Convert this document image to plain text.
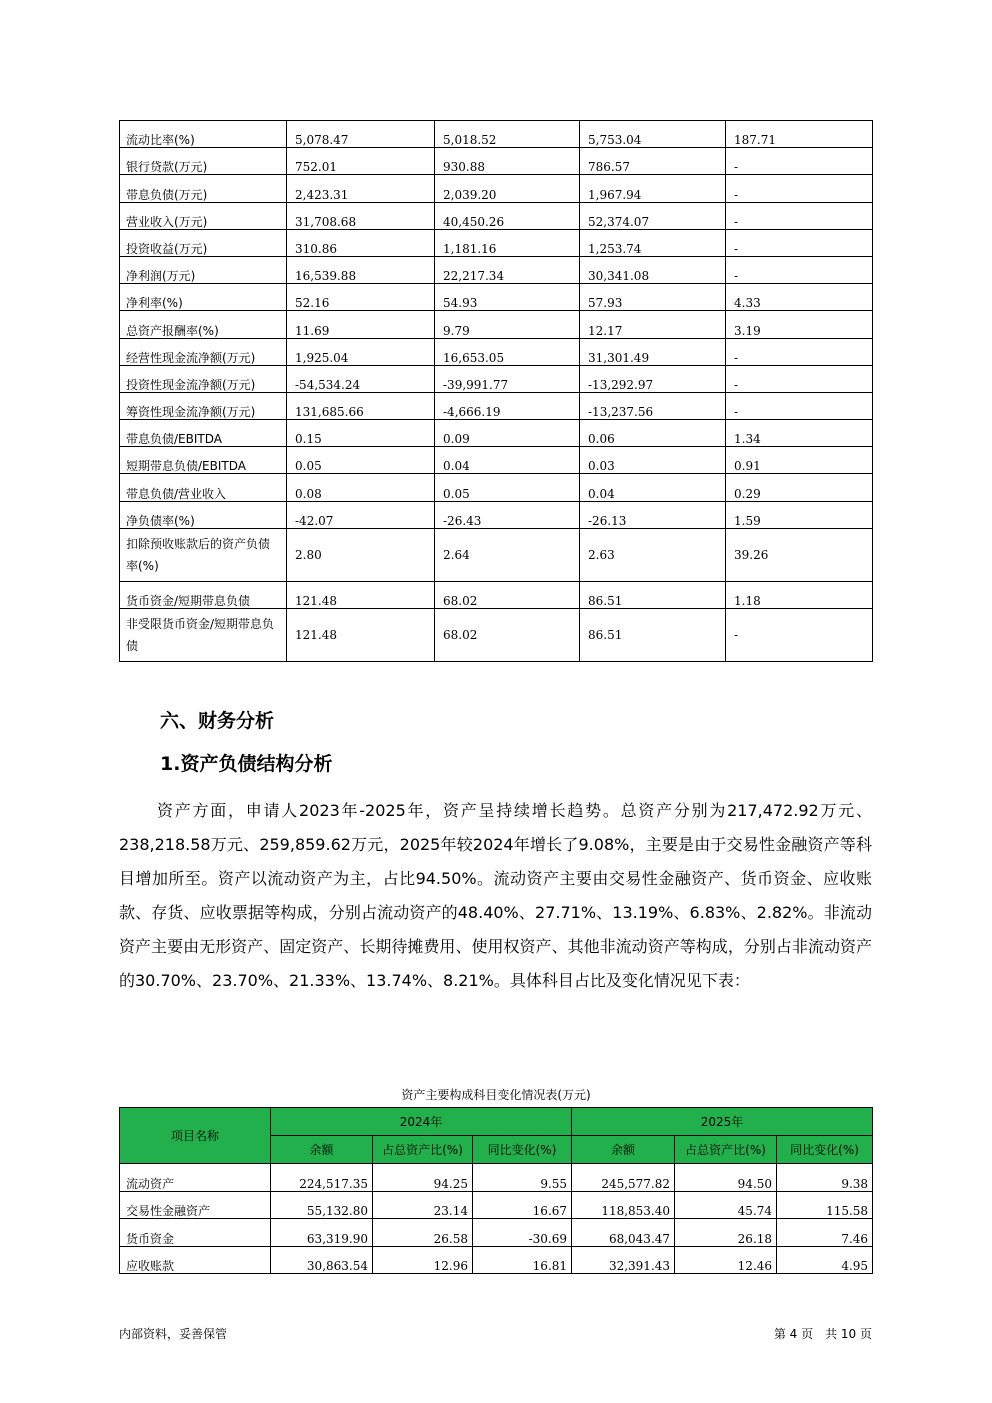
流动比率(%)	5,078.47	5,018.52	5,753.04	187.71
银行贷款(万元)	752.01	930.88	786.57	-
带息负债(万元)	2,423.31	2,039.20	1,967.94	-
营业收入(万元)	31,708.68	40,450.26	52,374.07	-
投资收益(万元)	310.86	1,181.16	1,253.74	-
净利润(万元)	16,539.88	22,217.34	30,341.08	-
净利率(%)	52.16	54.93	57.93	4.33
总资产报酬率(%)	11.69	9.79	12.17	3.19
经营性现金流净额(万元)	1,925.04	16,653.05	31,301.49	-
投资性现金流净额(万元)	-54,534.24	-39,991.77	-13,292.97	-
筹资性现金流净额(万元)	131,685.66	-4,666.19	-13,237.56	-
带息负债/EBITDA	0.15	0.09	0.06	1.34
短期带息负债/EBITDA	0.05	0.04	0.03	0.91
带息负债/营业收入	0.08	0.05	0.04	0.29
净负债率(%)	-42.07	-26.43	-26.13	1.59
扣除预收账款后的资产负债率(%)	2.80	2.64	2.63	39.26
货币资金/短期带息负债	121.48	68.02	86.51	1.18
非受限货币资金/短期带息负债	121.48	68.02	86.51	-
六、财务分析
1.资产负债结构分析
资产方面，申请人2023年-2025年，资产呈持续增长趋势。总资产分别为217,472.92万元、238,218.58万元、259,859.62万元，2025年较2024年增长了9.08%，主要是由于交易性金融资产等科目增加所至。资产以流动资产为主，占比94.50%。流动资产主要由交易性金融资产、货币资金、应收账款、存货、应收票据等构成，分别占流动资产的48.40%、27.71%、13.19%、6.83%、2.82%。非流动资产主要由无形资产、固定资产、长期待摊费用、使用权资产、其他非流动资产等构成，分别占非流动资产的30.70%、23.70%、21.33%、13.74%、8.21%。具体科目占比及变化情况见下表：
资产主要构成科目变化情况表(万元)
项目名称	2024年			2025年		
	余额	占总资产比(%)	同比变化(%)	余额	占总资产比(%)	同比变化(%)
流动资产	224,517.35	94.25	9.55	245,577.82	94.50	9.38
交易性金融资产	55,132.80	23.14	16.67	118,853.40	45.74	115.58
货币资金	63,319.90	26.58	-30.69	68,043.47	26.18	7.46
应收账款	30,863.54	12.96	16.81	32,391.43	12.46	4.95
内部资料，妥善保管	第 4 页　共 10 页
